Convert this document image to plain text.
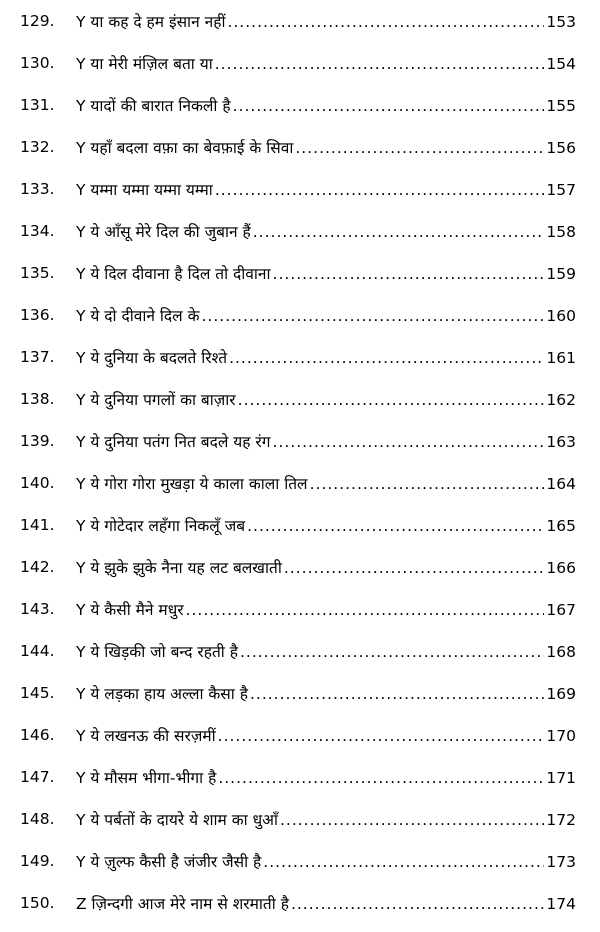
129.	Y या कह दे हम इंसान नहीं .....	153
130.	Y या मेरी मंज़िल बता या .....	154
131.	Y यादों की बारात निकली है .....	155
132.	Y यहाँ बदला वफ़ा का बेवफ़ाई के सिवा .....	156
133.	Y यम्मा यम्मा यम्मा यम्मा .....	157
134.	Y ये आँसू मेरे दिल की जुबान हैं .....	158
135.	Y ये दिल दीवाना है दिल तो दीवाना .....	159
136.	Y ये दो दीवाने दिल के .....	160
137.	Y ये दुनिया के बदलते रिश्ते .....	161
138.	Y ये दुनिया पगलों का बाज़ार .....	162
139.	Y ये दुनिया पतंग नित बदले यह रंग .....	163
140.	Y ये गोरा गोरा मुखड़ा ये काला काला तिल .....	164
141.	Y ये गोटेदार लहँगा निकलूँ जब .....	165
142.	Y ये झुके झुके नैना यह लट बलखाती .....	166
143.	Y ये कैसी मैने मधुर .....	167
144.	Y ये खिड़की जो बन्द रहती है .....	168
145.	Y ये लड़का हाय अल्ला कैसा है .....	169
146.	Y ये लखनऊ की सरज़मीं .....	170
147.	Y ये मौसम भीगा-भीगा है .....	171
148.	Y ये पर्बतों के दायरे ये शाम का धुआँ .....	172
149.	Y ये ज़ुल्फ कैसी है जंजीर जैसी है .....	173
150.	Z ज़िन्दगी आज मेरे नाम से शरमाती है .....	174
